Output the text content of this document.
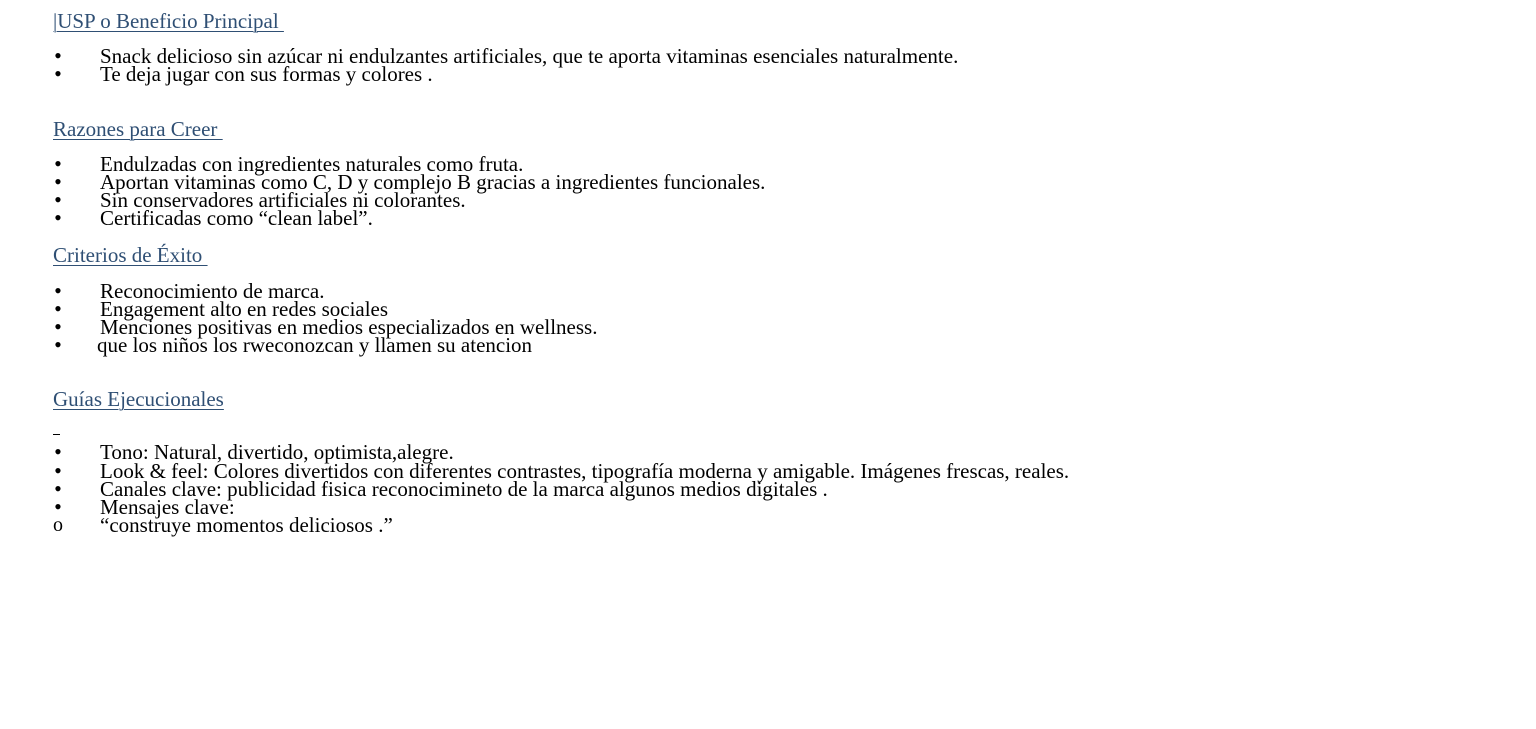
|USP o Beneficio Principal

•

Snack delicioso sin azúcar ni endulzantes artificiales, que te aporta vitaminas esenciales naturalmente.

•

Te deja jugar con sus formas y colores .

Razones para Creer

•

Endulzadas con ingredientes naturales como fruta.

•

Aportan vitaminas como C, D y complejo B gracias a ingredientes funcionales.

•

Sin conservadores artificiales ni colorantes.

•

Certificadas como “clean label”.

Criterios de Éxito

•

Reconocimiento de marca.

•

Engagement alto en redes sociales

•

Menciones positivas en medios especializados en wellness.

•

que los niños los rweconozcan y llamen su atencion

Guías Ejecucionales

•

Tono: Natural, divertido, optimista,alegre.

•

Look & feel: Colores divertidos con diferentes contrastes, tipografía moderna y amigable. Imágenes frescas, reales.

•

Canales clave: publicidad fisica reconocimineto de la marca algunos medios digitales .

•

Mensajes clave:

o

“construye momentos deliciosos .”
